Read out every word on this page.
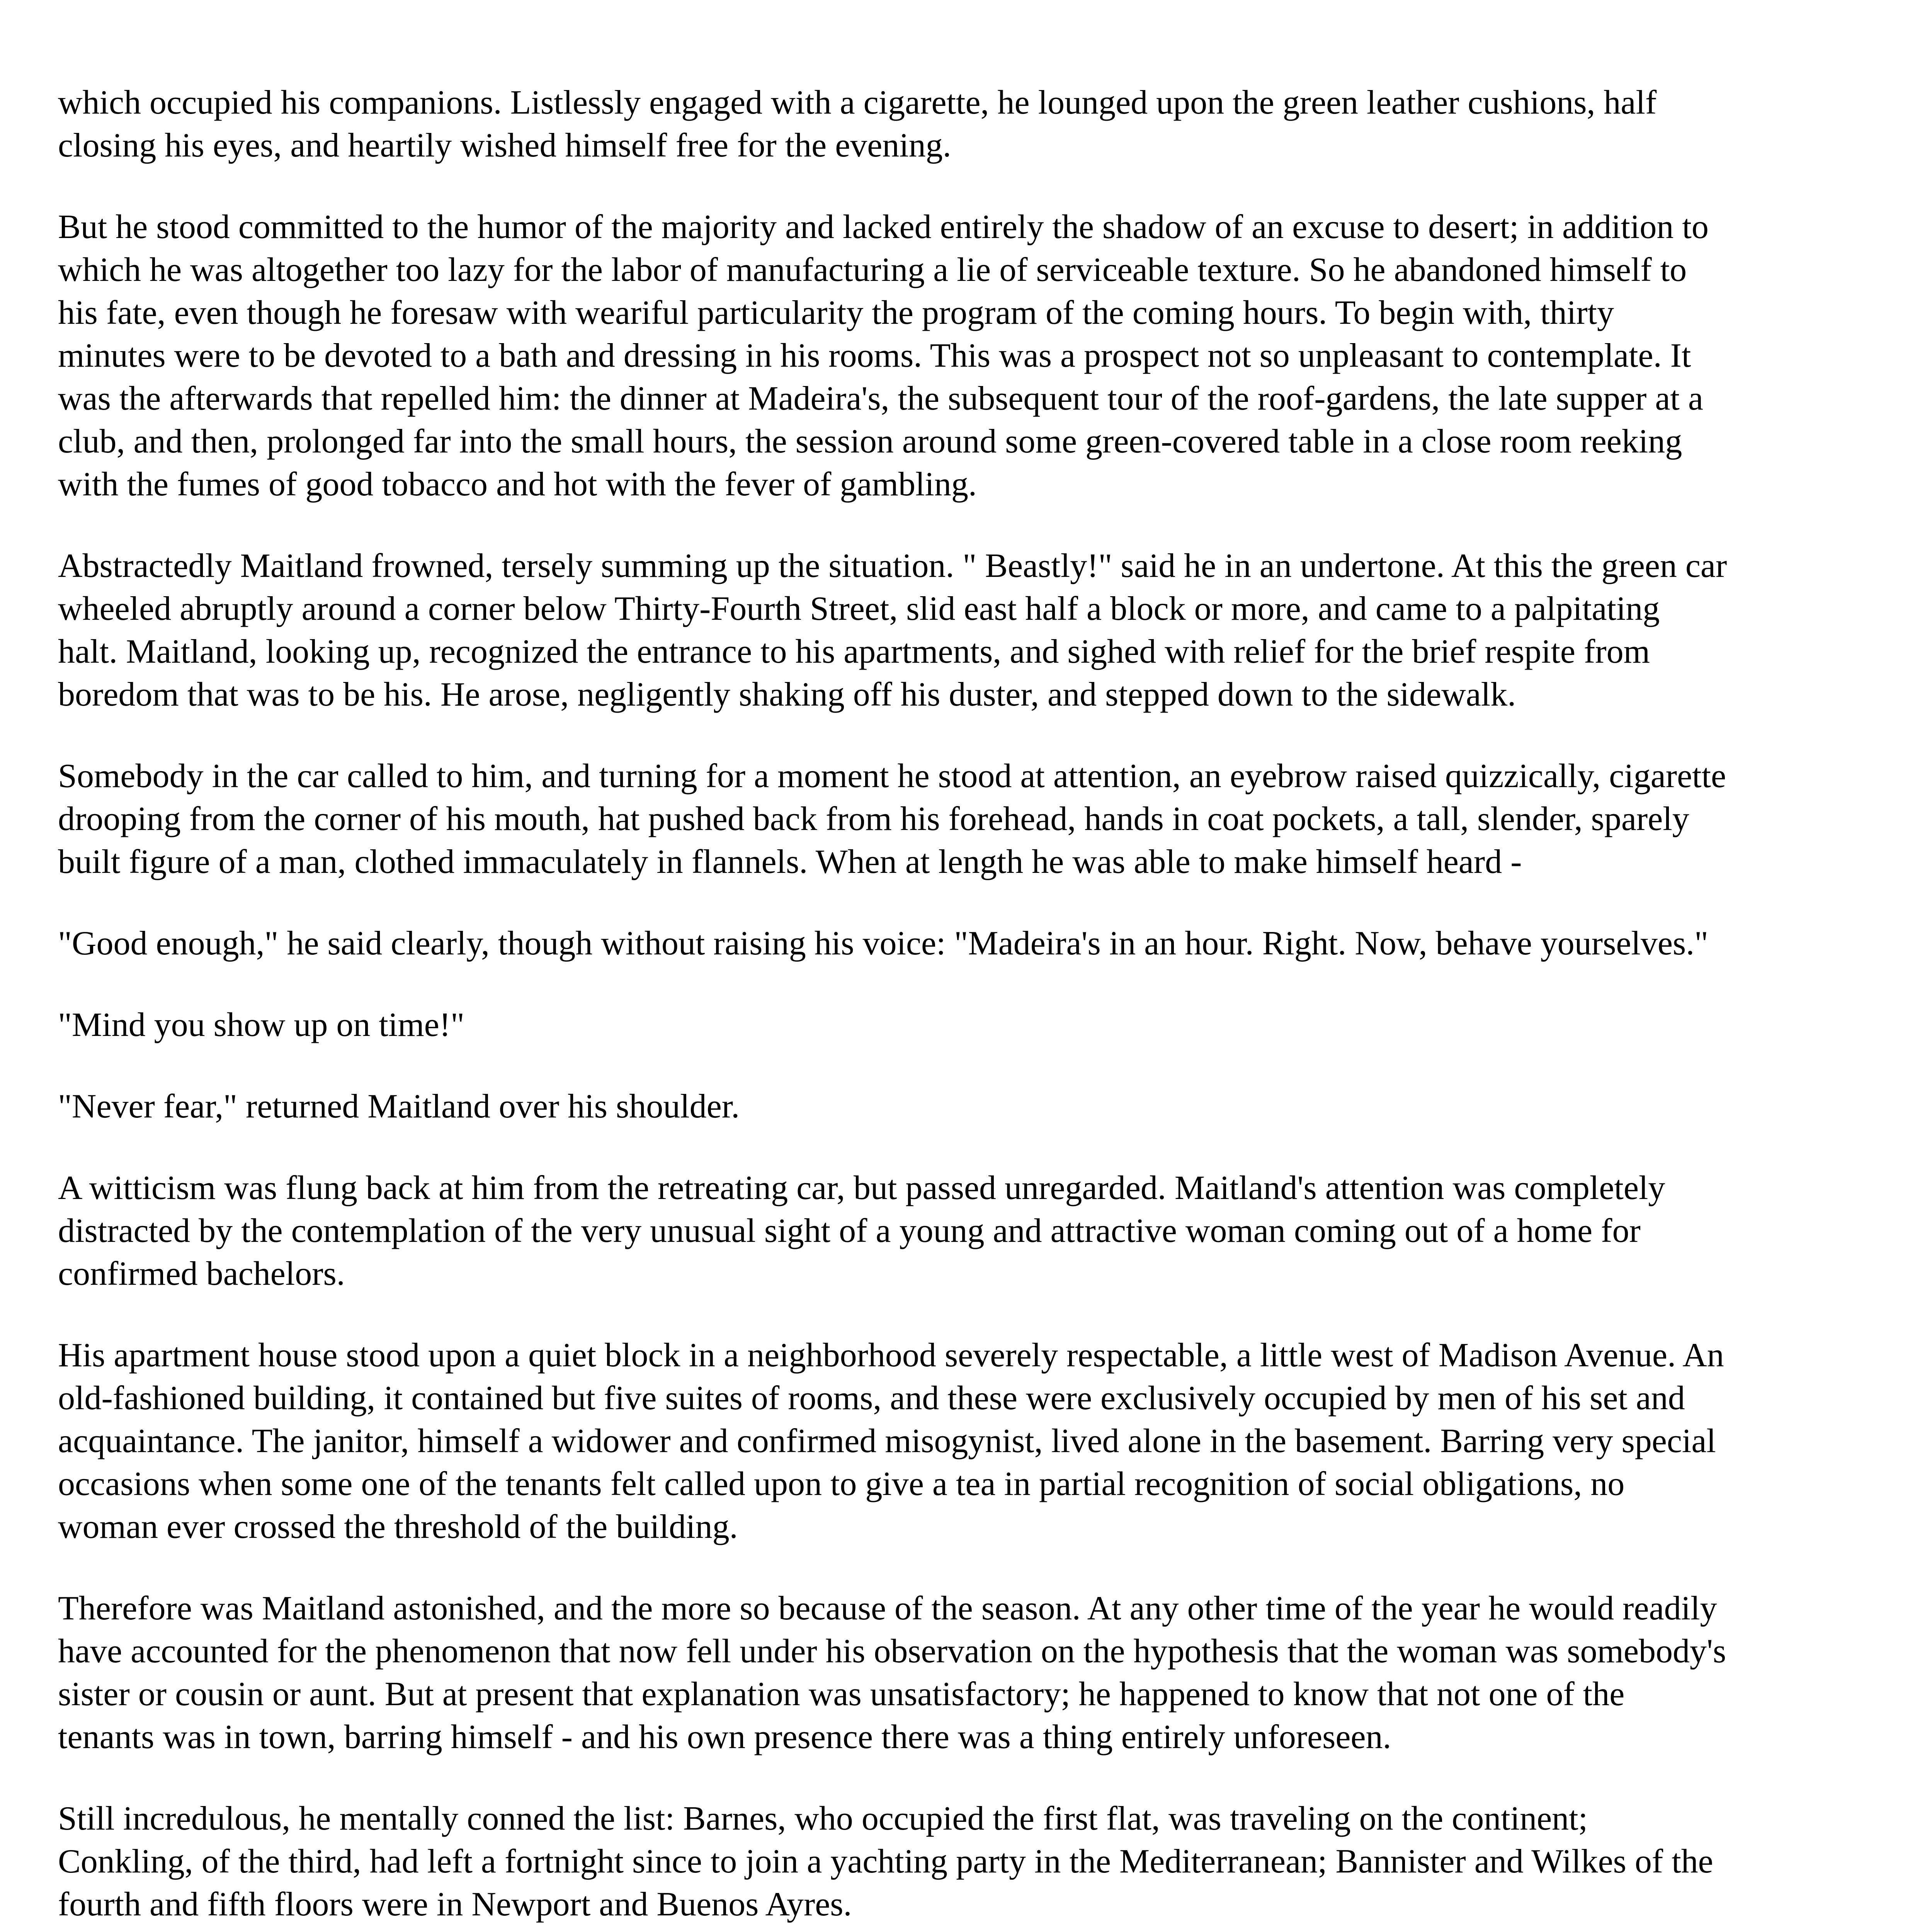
which occupied his companions. Listlessly engaged with a cigarette, he lounged upon the green leather cushions, half closing his eyes, and heartily wished himself free for the evening.

But he stood committed to the humor of the majority and lacked entirely the shadow of an excuse to desert; in addition to which he was altogether too lazy for the labor of manufacturing a lie of serviceable texture. So he abandoned himself to his fate, even though he foresaw with weariful particularity the program of the coming hours. To begin with, thirty minutes were to be devoted to a bath and dressing in his rooms. This was a prospect not so unpleasant to contemplate. It was the afterwards that repelled him: the dinner at Madeira's, the subsequent tour of the roof-gardens, the late supper at a club, and then, prolonged far into the small hours, the session around some green-covered table in a close room reeking with the fumes of good tobacco and hot with the fever of gambling.

Abstractedly Maitland frowned, tersely summing up the situation. " Beastly!" said he in an undertone. At this the green car wheeled abruptly around a corner below Thirty-Fourth Street, slid east half a block or more, and came to a palpitating halt. Maitland, looking up, recognized the entrance to his apartments, and sighed with relief for the brief respite from boredom that was to be his. He arose, negligently shaking off his duster, and stepped down to the sidewalk.

Somebody in the car called to him, and turning for a moment he stood at attention, an eyebrow raised quizzically, cigarette drooping from the corner of his mouth, hat pushed back from his forehead, hands in coat pockets, a tall, slender, sparely built figure of a man, clothed immaculately in flannels. When at length he was able to make himself heard -

"Good enough," he said clearly, though without raising his voice: "Madeira's in an hour. Right. Now, behave yourselves."

"Mind you show up on time!"

"Never fear," returned Maitland over his shoulder.

A witticism was flung back at him from the retreating car, but passed unregarded. Maitland's attention was completely distracted by the contemplation of the very unusual sight of a young and attractive woman coming out of a home for confirmed bachelors.

His apartment house stood upon a quiet block in a neighborhood severely respectable, a little west of Madison Avenue. An old-fashioned building, it contained but five suites of rooms, and these were exclusively occupied by men of his set and acquaintance. The janitor, himself a widower and confirmed misogynist, lived alone in the basement. Barring very special occasions when some one of the tenants felt called upon to give a tea in partial recognition of social obligations, no woman ever crossed the threshold of the building.

Therefore was Maitland astonished, and the more so because of the season. At any other time of the year he would readily have accounted for the phenomenon that now fell under his observation on the hypothesis that the woman was somebody's sister or cousin or aunt. But at present that explanation was unsatisfactory; he happened to know that not one of the tenants was in town, barring himself - and his own presence there was a thing entirely unforeseen.

Still incredulous, he mentally conned the list: Barnes, who occupied the first flat, was traveling on the continent; Conkling, of the third, had left a fortnight since to join a yachting party in the Mediterranean; Bannister and Wilkes of the fourth and fifth floors were in Newport and Buenos Ayres.
